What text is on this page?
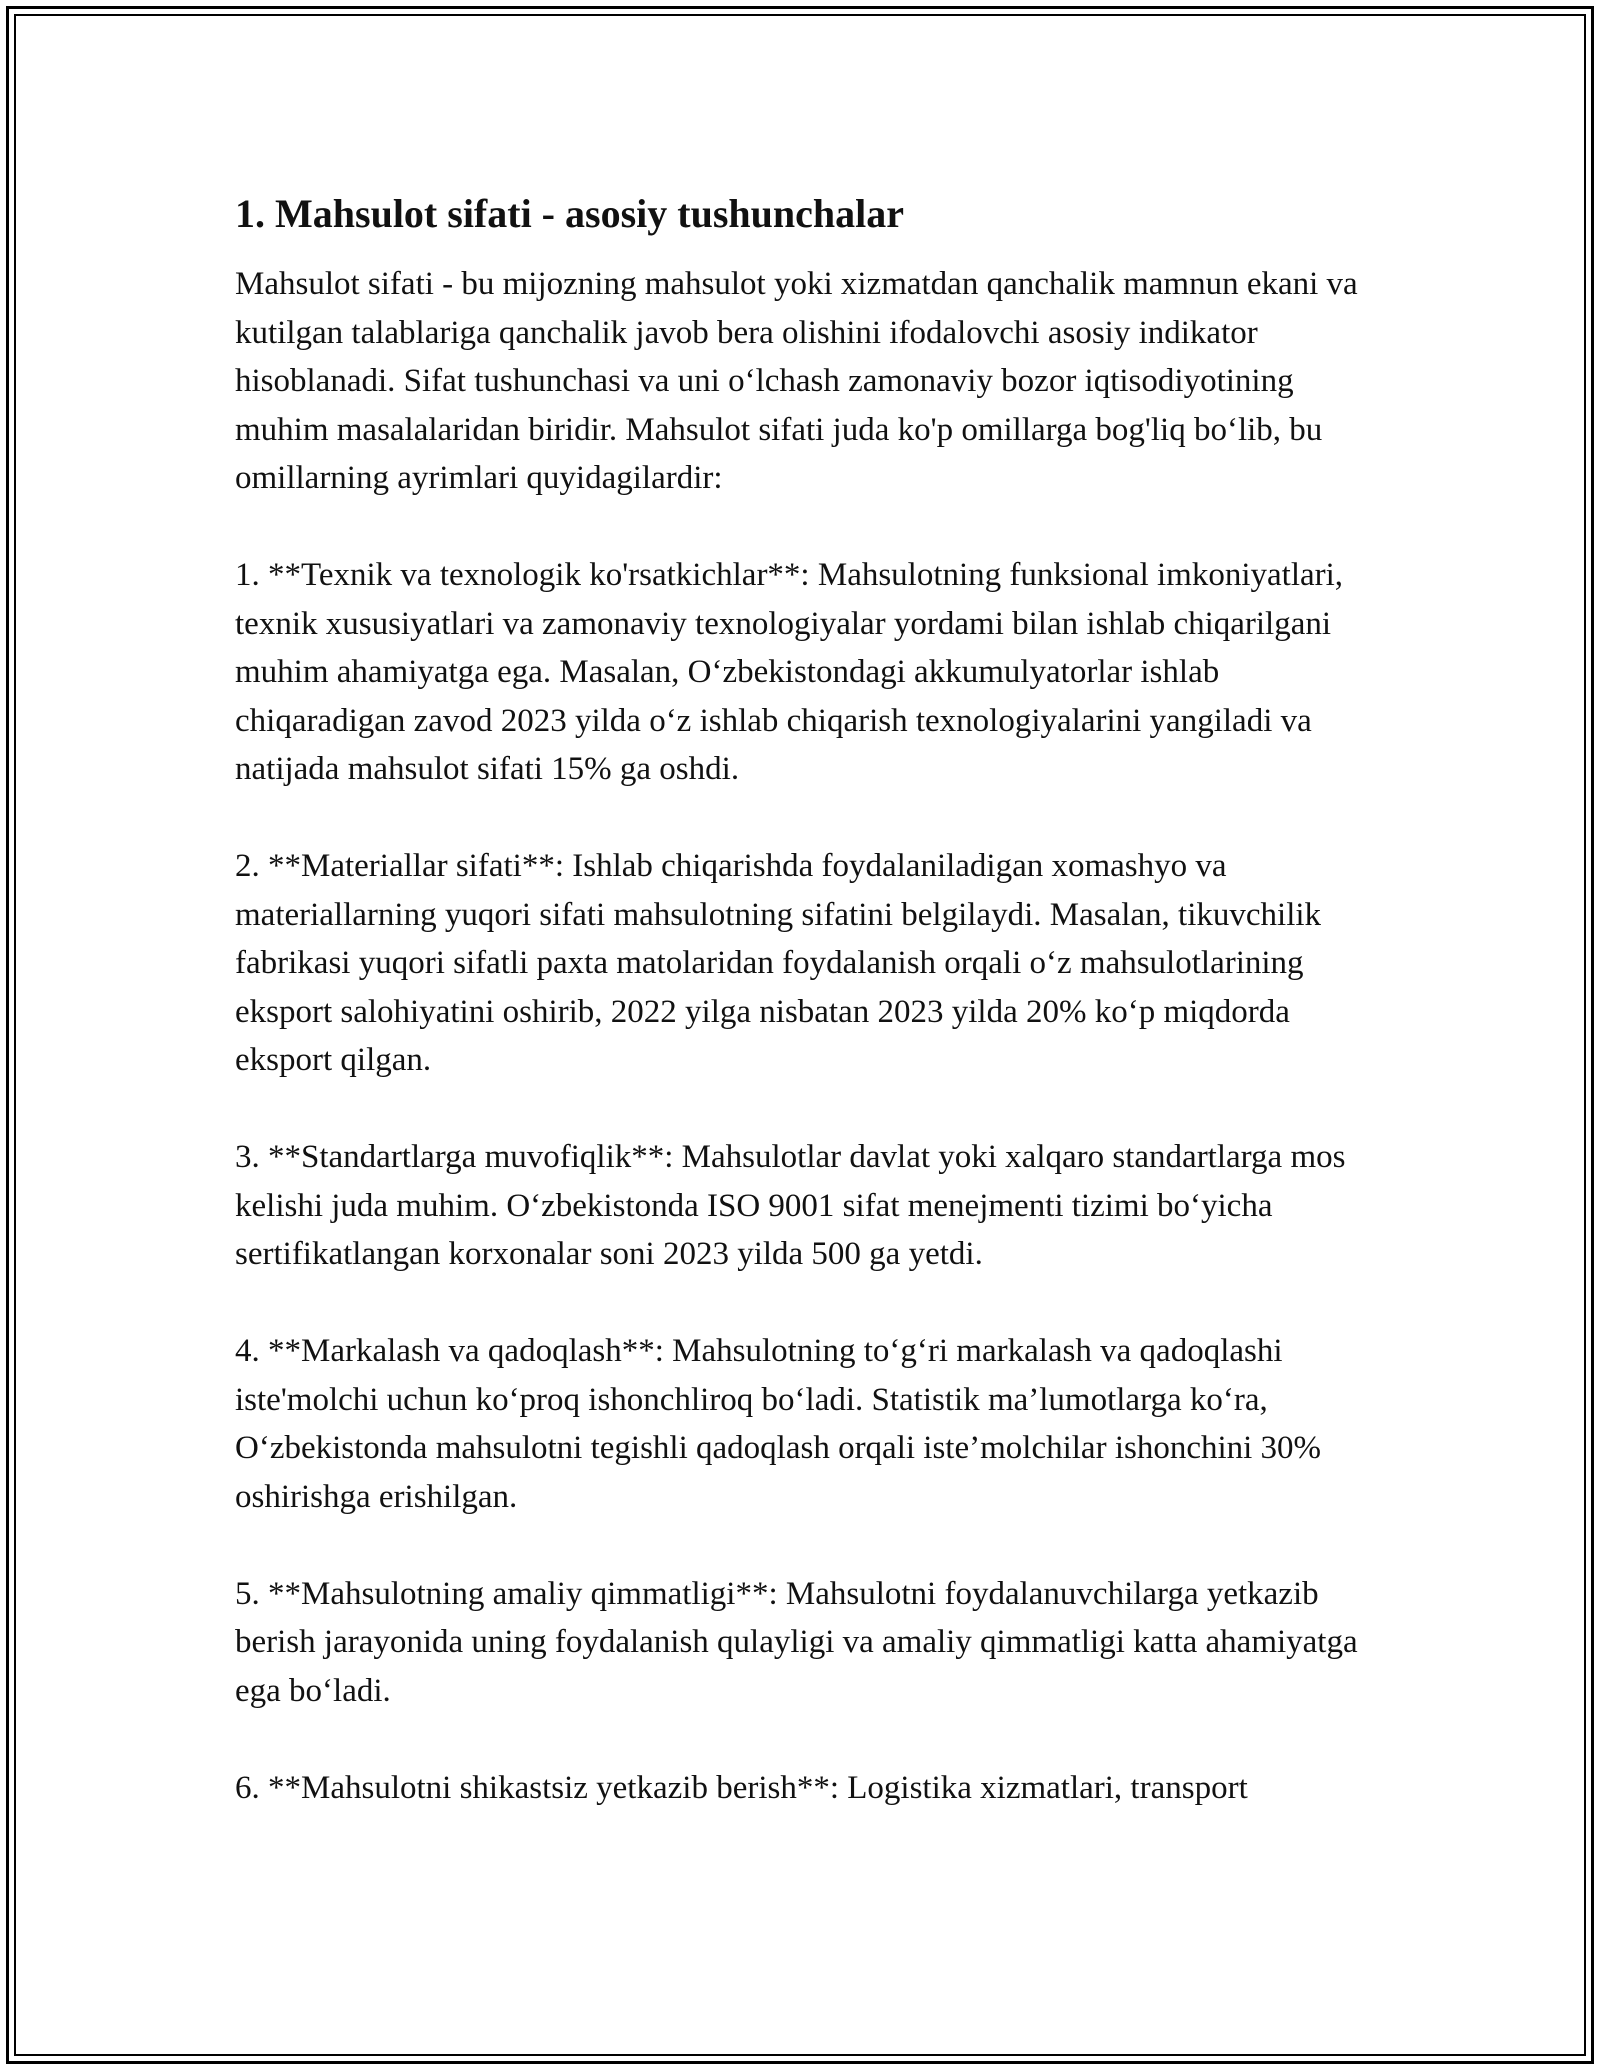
1. Mahsulot sifati - asosiy tushunchalar

Mahsulot sifati - bu mijozning mahsulot yoki xizmatdan qanchalik mamnun ekani va kutilgan talablariga qanchalik javob bera olishini ifodalovchi asosiy indikator hisoblanadi. Sifat tushunchasi va uni o‘lchash zamonaviy bozor iqtisodiyotining muhim masalalaridan biridir. Mahsulot sifati juda ko'p omillarga bog'liq bo‘lib, bu omillarning ayrimlari quyidagilardir:

1. **Texnik va texnologik ko'rsatkichlar**: Mahsulotning funksional imkoniyatlari, texnik xususiyatlari va zamonaviy texnologiyalar yordami bilan ishlab chiqarilgani muhim ahamiyatga ega. Masalan, O‘zbekistondagi akkumulyatorlar ishlab chiqaradigan zavod 2023 yilda o‘z ishlab chiqarish texnologiyalarini yangiladi va natijada mahsulot sifati 15% ga oshdi.

2. **Materiallar sifati**: Ishlab chiqarishda foydalaniladigan xomashyo va materiallarning yuqori sifati mahsulotning sifatini belgilaydi. Masalan, tikuvchilik fabrikasi yuqori sifatli paxta matolaridan foydalanish orqali o‘z mahsulotlarining eksport salohiyatini oshirib, 2022 yilga nisbatan 2023 yilda 20% ko‘p miqdorda eksport qilgan.

3. **Standartlarga muvofiqlik**: Mahsulotlar davlat yoki xalqaro standartlarga mos kelishi juda muhim. O‘zbekistonda ISO 9001 sifat menejmenti tizimi bo‘yicha sertifikatlangan korxonalar soni 2023 yilda 500 ga yetdi.

4. **Markalash va qadoqlash**: Mahsulotning to‘g‘ri markalash va qadoqlashi iste'molchi uchun ko‘proq ishonchliroq bo‘ladi. Statistik ma’lumotlarga ko‘ra, O‘zbekistonda mahsulotni tegishli qadoqlash orqali iste’molchilar ishonchini 30% oshirishga erishilgan.

5. **Mahsulotning amaliy qimmatligi**: Mahsulotni foydalanuvchilarga yetkazib berish jarayonida uning foydalanish qulayligi va amaliy qimmatligi katta ahamiyatga ega bo‘ladi.

6. **Mahsulotni shikastsiz yetkazib berish**: Logistika xizmatlari, transport
